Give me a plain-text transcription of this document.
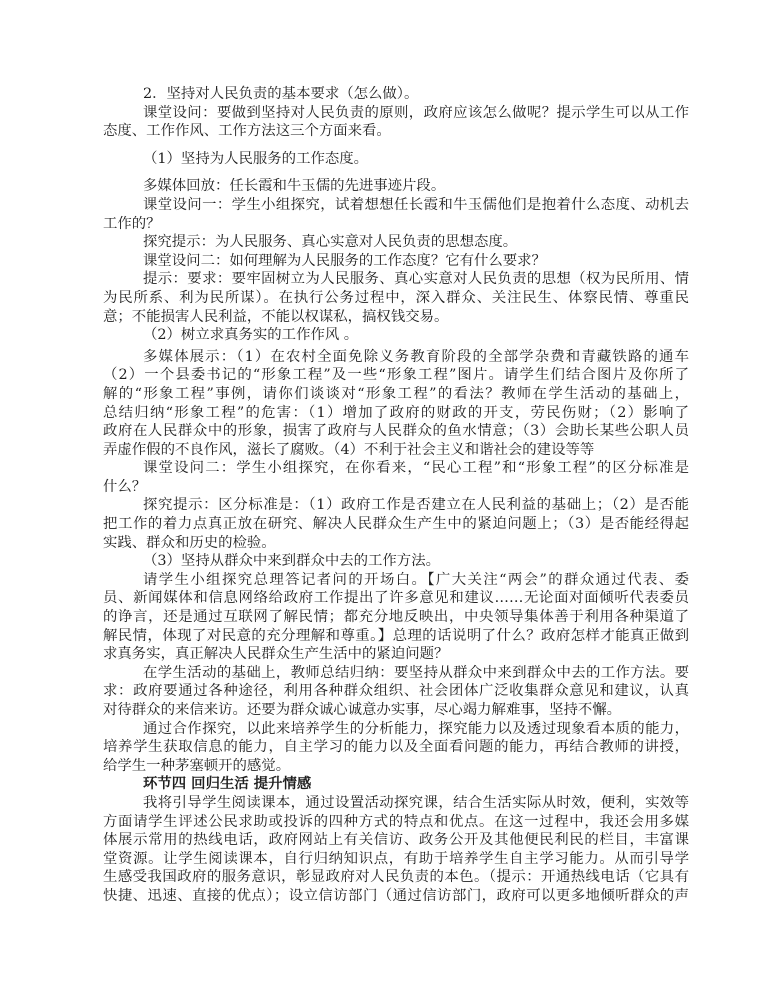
2．坚持对人民负责的基本要求（怎么做）。
课堂设问：要做到坚持对人民负责的原则，政府应该怎么做呢？提示学生可以从工作
态度、工作作风、工作方法这三个方面来看。
（1）坚持为人民服务的工作态度。
多媒体回放：任长霞和牛玉儒的先进事迹片段。
课堂设问一：学生小组探究，试着想想任长霞和牛玉儒他们是抱着什么态度、动机去
工作的？
探究提示：为人民服务、真心实意对人民负责的思想态度。
课堂设问二：如何理解为人民服务的工作态度？它有什么要求？
提示：要求：要牢固树立为人民服务、真心实意对人民负责的思想（权为民所用、情
为民所系、利为民所谋）。在执行公务过程中，深入群众、关注民生、体察民情、尊重民
意；不能损害人民利益，不能以权谋私，搞权钱交易。
（2）树立求真务实的工作作风 。
多媒体展示：（1）在农村全面免除义务教育阶段的全部学杂费和青藏铁路的通车
（2）一个县委书记的“形象工程”及一些“形象工程”图片。请学生们结合图片及你所了
解的“形象工程”事例，请你们谈谈对“形象工程”的看法？教师在学生活动的基础上，
总结归纳“形象工程”的危害：（1）增加了政府的财政的开支，劳民伤财；（2）影响了
政府在人民群众中的形象，损害了政府与人民群众的鱼水情意；（3）会助长某些公职人员
弄虚作假的不良作风，滋长了腐败。（4）不利于社会主义和谐社会的建设等等
课堂设问二：学生小组探究，在你看来，“民心工程”和“形象工程”的区分标准是
什么？
探究提示：区分标准是：（1）政府工作是否建立在人民利益的基础上；（2）是否能
把工作的着力点真正放在研究、解决人民群众生产生中的紧迫问题上；（3）是否能经得起
实践、群众和历史的检验。
（3）坚持从群众中来到群众中去的工作方法。
请学生小组探究总理答记者问的开场白。【广大关注“两会”的群众通过代表、委
员、新闻媒体和信息网络给政府工作提出了许多意见和建议……无论面对面倾听代表委员
的诤言，还是通过互联网了解民情；都充分地反映出，中央领导集体善于利用各种渠道了
解民情，体现了对民意的充分理解和尊重。】总理的话说明了什么？政府怎样才能真正做到
求真务实，真正解决人民群众生产生活中的紧迫问题？
在学生活动的基础上，教师总结归纳：要坚持从群众中来到群众中去的工作方法。要
求：政府要通过各种途径，利用各种群众组织、社会团体广泛收集群众意见和建议，认真
对待群众的来信来访。还要为群众诚心诚意办实事，尽心竭力解难事，坚持不懈。
通过合作探究，以此来培养学生的分析能力，探究能力以及透过现象看本质的能力，
培养学生获取信息的能力，自主学习的能力以及全面看问题的能力，再结合教师的讲授，
给学生一种茅塞顿开的感觉。
环节四 回归生活 提升情感
我将引导学生阅读课本，通过设置活动探究课，结合生活实际从时效，便利，实效等
方面请学生评述公民求助或投诉的四种方式的特点和优点。在这一过程中，我还会用多媒
体展示常用的热线电话，政府网站上有关信访、政务公开及其他便民利民的栏目，丰富课
堂资源。让学生阅读课本，自行归纳知识点，有助于培养学生自主学习能力。从而引导学
生感受我国政府的服务意识，彰显政府对人民负责的本色。（提示：开通热线电话（它具有
快捷、迅速、直接的优点）；设立信访部门（通过信访部门，政府可以更多地倾听群众的声
